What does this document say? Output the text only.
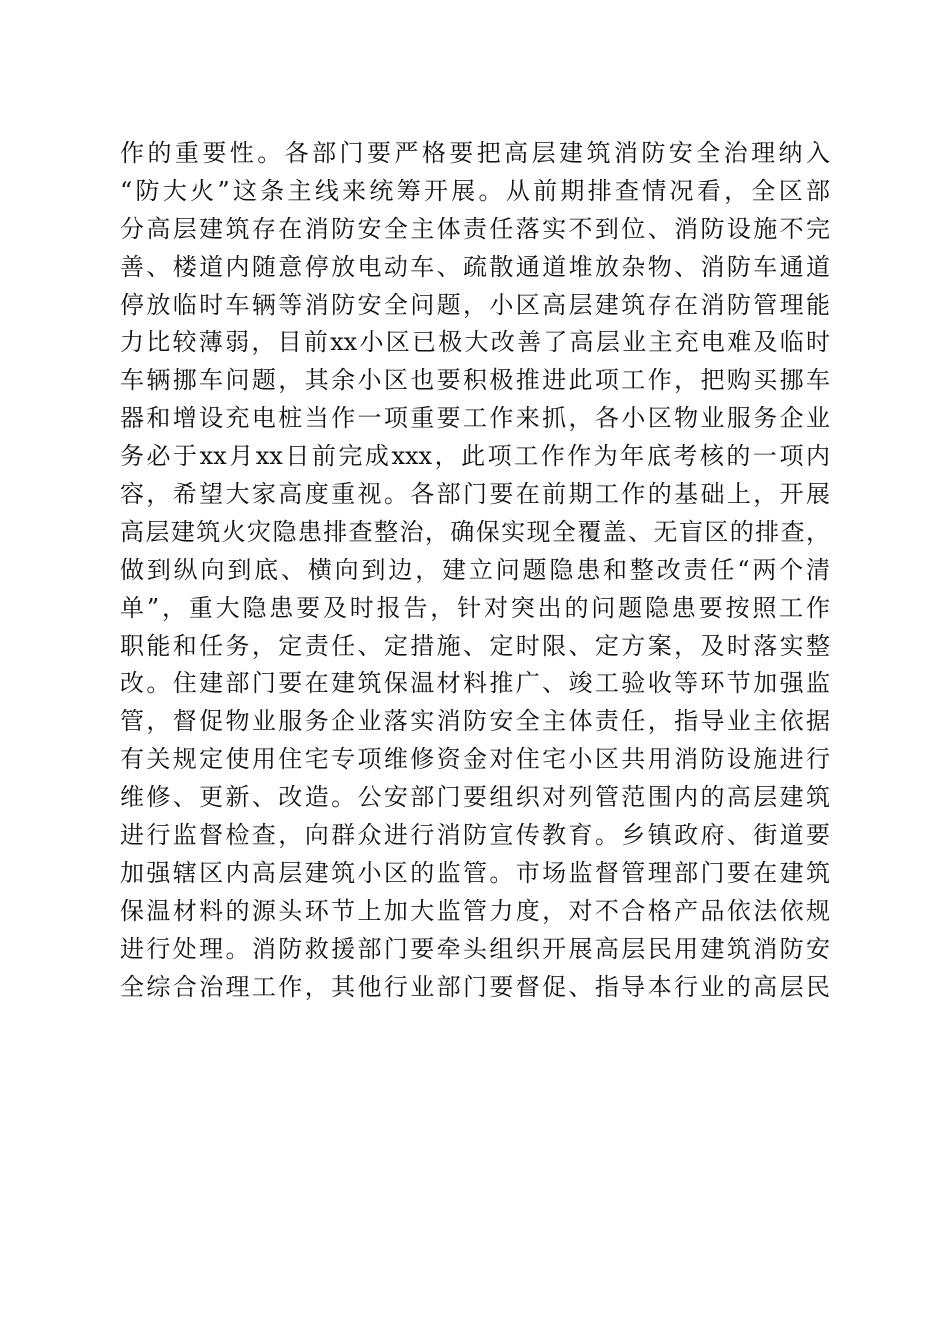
作的重要性。各部门要严格要把高层建筑消防安全治理纳入
“防大火”这条主线来统筹开展。从前期排查情况看，全区部
分高层建筑存在消防安全主体责任落实不到位、消防设施不完
善、楼道内随意停放电动车、疏散通道堆放杂物、消防车通道
停放临时车辆等消防安全问题，小区高层建筑存在消防管理能
力比较薄弱，目前xx小区已极大改善了高层业主充电难及临时
车辆挪车问题，其余小区也要积极推进此项工作，把购买挪车
器和增设充电桩当作一项重要工作来抓，各小区物业服务企业
务必于xx月xx日前完成xxx，此项工作作为年底考核的一项内
容，希望大家高度重视。各部门要在前期工作的基础上，开展
高层建筑火灾隐患排查整治，确保实现全覆盖、无盲区的排查，
做到纵向到底、横向到边，建立问题隐患和整改责任“两个清
单”，重大隐患要及时报告，针对突出的问题隐患要按照工作
职能和任务，定责任、定措施、定时限、定方案，及时落实整
改。住建部门要在建筑保温材料推广、竣工验收等环节加强监
管，督促物业服务企业落实消防安全主体责任，指导业主依据
有关规定使用住宅专项维修资金对住宅小区共用消防设施进行
维修、更新、改造。公安部门要组织对列管范围内的高层建筑
进行监督检查，向群众进行消防宣传教育。乡镇政府、街道要
加强辖区内高层建筑小区的监管。市场监督管理部门要在建筑
保温材料的源头环节上加大监管力度，对不合格产品依法依规
进行处理。消防救援部门要牵头组织开展高层民用建筑消防安
全综合治理工作，其他行业部门要督促、指导本行业的高层民
